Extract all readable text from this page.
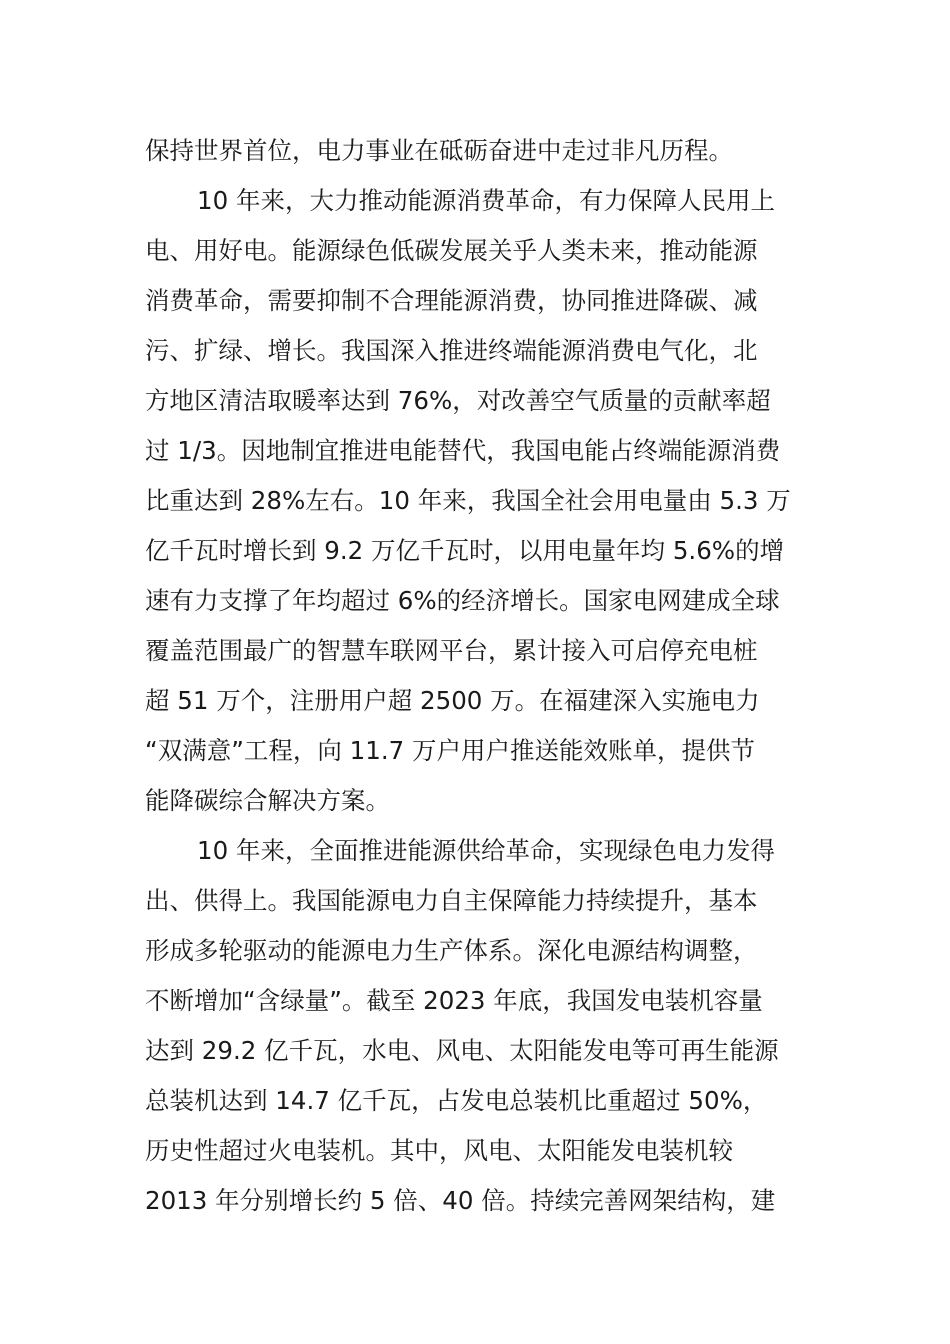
保持世界首位，电力事业在砥砺奋进中走过非凡历程。
10 年来，大力推动能源消费革命，有力保障人民用上
电、用好电。能源绿色低碳发展关乎人类未来，推动能源
消费革命，需要抑制不合理能源消费，协同推进降碳、减
污、扩绿、增长。我国深入推进终端能源消费电气化，北
方地区清洁取暖率达到 76%，对改善空气质量的贡献率超
过 1/3。因地制宜推进电能替代，我国电能占终端能源消费
比重达到 28%左右。10 年来，我国全社会用电量由 5.3 万
亿千瓦时增长到 9.2 万亿千瓦时，以用电量年均 5.6%的增
速有力支撑了年均超过 6%的经济增长。国家电网建成全球
覆盖范围最广的智慧车联网平台，累计接入可启停充电桩
超 51 万个，注册用户超 2500 万。在福建深入实施电力
“双满意”工程，向 11.7 万户用户推送能效账单，提供节
能降碳综合解决方案。
10 年来，全面推进能源供给革命，实现绿色电力发得
出、供得上。我国能源电力自主保障能力持续提升，基本
形成多轮驱动的能源电力生产体系。深化电源结构调整，
不断增加“含绿量”。截至 2023 年底，我国发电装机容量
达到 29.2 亿千瓦，水电、风电、太阳能发电等可再生能源
总装机达到 14.7 亿千瓦，占发电总装机比重超过 50%，
历史性超过火电装机。其中，风电、太阳能发电装机较
2013 年分别增长约 5 倍、40 倍。持续完善网架结构，建
